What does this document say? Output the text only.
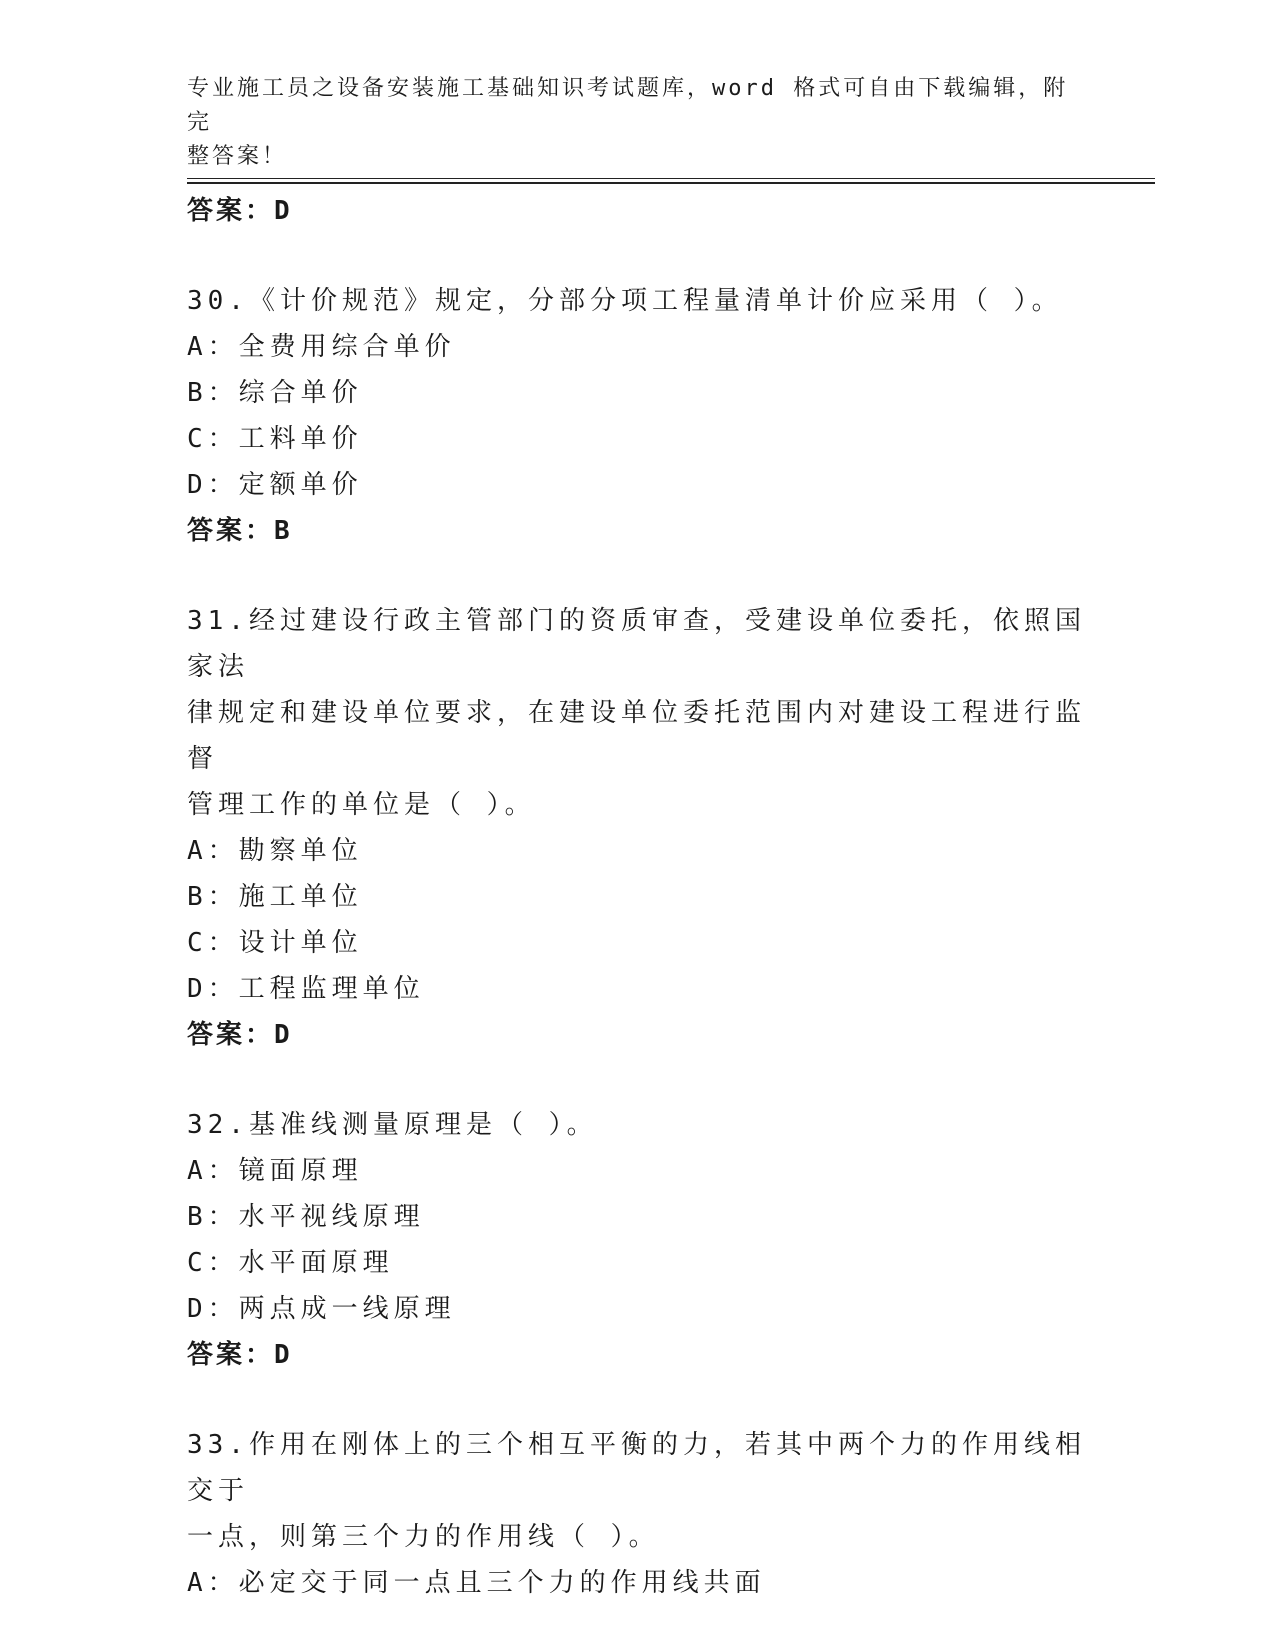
专业施工员之设备安装施工基础知识考试题库，word 格式可自由下载编辑，附完
整答案！
答案：D
30.《计价规范》规定，分部分项工程量清单计价应采用（ ）。
A：全费用综合单价
B：综合单价
C：工料单价
D：定额单价
答案：B
31.经过建设行政主管部门的资质审查，受建设单位委托，依照国家法
律规定和建设单位要求，在建设单位委托范围内对建设工程进行监督
管理工作的单位是（ ）。
A：勘察单位
B：施工单位
C：设计单位
D：工程监理单位
答案：D
32.基准线测量原理是（ ）。
A：镜面原理
B：水平视线原理
C：水平面原理
D：两点成一线原理
答案：D
33.作用在刚体上的三个相互平衡的力，若其中两个力的作用线相交于
一点，则第三个力的作用线（ ）。
A：必定交于同一点且三个力的作用线共面
